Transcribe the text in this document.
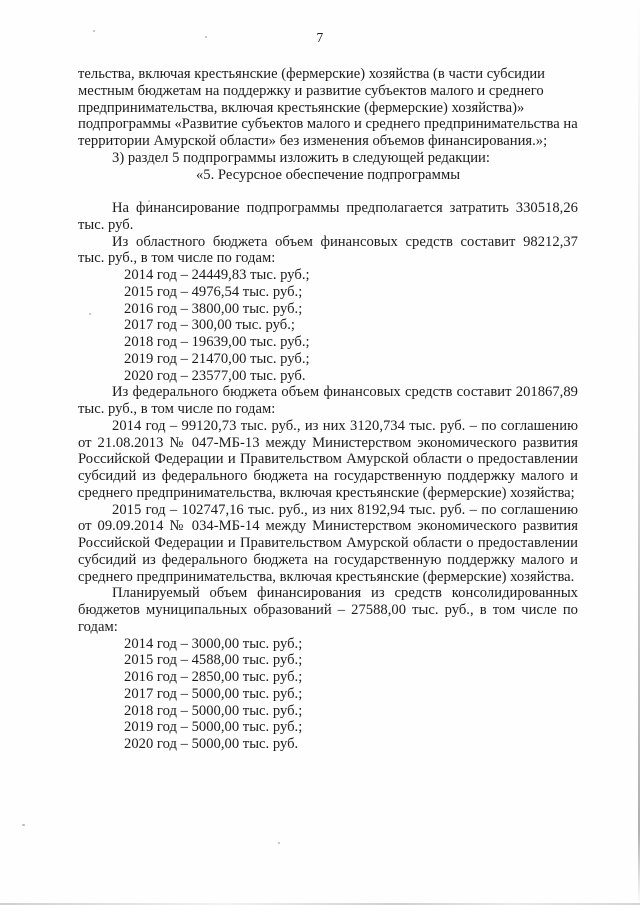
7

тельства, включая крестьянские (фермерские) хозяйства (в части субсидии местным бюджетам на поддержку и развитие субъектов малого и среднего предпринимательства, включая крестьянские (фермерские) хозяйства)» подпрограммы «Развитие субъектов малого и среднего предпринимательства на территории Амурской области» без изменения объемов финансирования.»;

3) раздел 5 подпрограммы изложить в следующей редакции:

«5. Ресурсное обеспечение подпрограммы

На финансирование подпрограммы предполагается затратить 330518,26 тыс. руб.

Из областного бюджета объем финансовых средств составит 98212,37 тыс. руб., в том числе по годам:

2014 год – 24449,83 тыс. руб.;

2015 год – 4976,54 тыс. руб.;

2016 год – 3800,00 тыс. руб.;

2017 год – 300,00 тыс. руб.;

2018 год – 19639,00 тыс. руб.;

2019 год – 21470,00 тыс. руб.;

2020 год – 23577,00 тыс. руб.

Из федерального бюджета объем финансовых средств составит 201867,89 тыс. руб., в том числе по годам:

2014 год – 99120,73 тыс. руб., из них 3120,734 тыс. руб. – по соглашению от 21.08.2013 № 047-МБ-13 между Министерством экономического развития Российской Федерации и Правительством Амурской области о предоставлении субсидий из федерального бюджета на государственную поддержку малого и среднего предпринимательства, включая крестьянские (фермерские) хозяйства;

2015 год – 102747,16 тыс. руб., из них 8192,94 тыс. руб. – по соглашению от 09.09.2014 № 034-МБ-14 между Министерством экономического развития Российской Федерации и Правительством Амурской области о предоставлении субсидий из федерального бюджета на государственную поддержку малого и среднего предпринимательства, включая крестьянские (фермерские) хозяйства.

Планируемый объем финансирования из средств консолидированных бюджетов муниципальных образований – 27588,00 тыс. руб., в том числе по годам:

2014 год – 3000,00 тыс. руб.;

2015 год – 4588,00 тыс. руб.;

2016 год – 2850,00 тыс. руб.;

2017 год – 5000,00 тыс. руб.;

2018 год – 5000,00 тыс. руб.;

2019 год – 5000,00 тыс. руб.;

2020 год – 5000,00 тыс. руб.
